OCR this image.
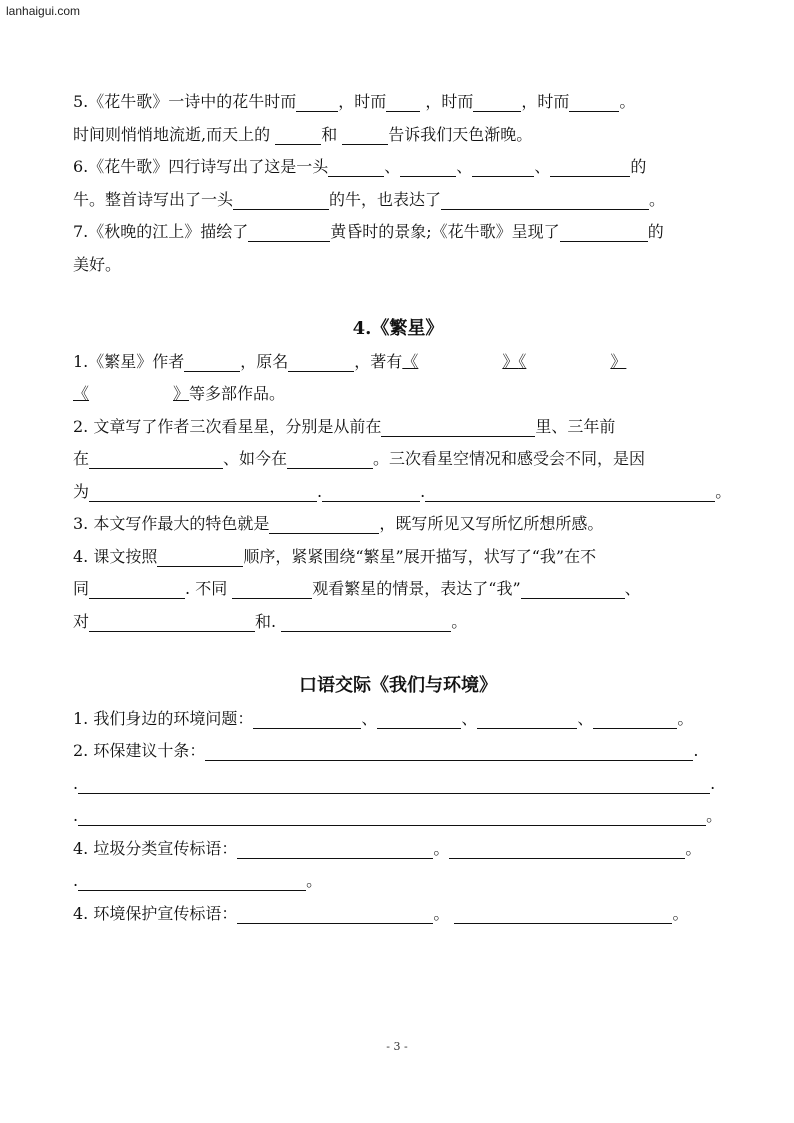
lanhaigui.com
5.《花牛歌》一诗中的花牛时而	，时而 ，时而	，时而	。
时间则悄悄地流逝,而天上的	和	告诉我们天色渐晚。
6.《花牛歌》四行诗写出了这是一头	、	、	、	的
牛。整首诗写出了一头	的牛，也表达了	。
7.《秋晚的江上》描绘了	黄昏时的景象;《花牛歌》呈现了	的
美好。
4.《繁星》
1.《繁星》作者	，原名	，著有《	》《	》
《	》等多部作品。
2. 文章写了作者三次看星星，分别是从前在	里、三年前
在	、如今在	。三次看星空情况和感受会不同，是因
为	.	.	。
3. 本文写作最大的特色就是	，既写所见又写所忆所想所感。
4. 课文按照	顺序，紧紧围绕“繁星”展开描写，状写了“我”在不
同	. 不同	观看繁星的情景，表达了“我”	、
对	和.	。
口语交际《我们与环境》
1. 我们身边的环境问题：	、	、	、	。
2. 环保建议十条：	.
.	.
.	。
4. 垃圾分类宣传标语：	。	。
.	。
4. 环境保护宣传标语：	。	。
- 3 -
